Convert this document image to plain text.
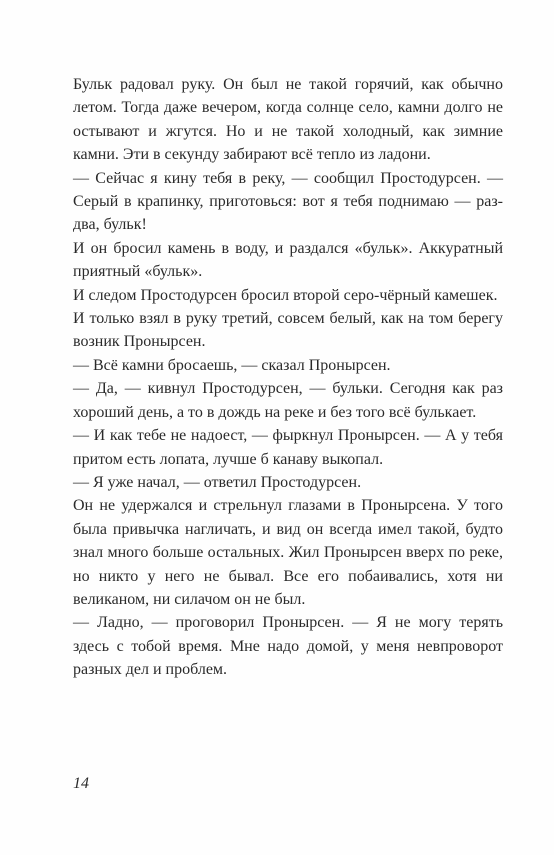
Бульк радовал руку. Он был не такой горячий, как обычно летом. Тогда даже вечером, когда солнце село, камни долго не остывают и жгутся. Но и не такой холодный, как зимние камни. Эти в секунду забирают всё тепло из ладони.

— Сейчас я кину тебя в реку, — сообщил Простодурсен. — Серый в крапинку, приготовься: вот я тебя поднимаю — раз-два, бульк!

И он бросил камень в воду, и раздался «бульк». Аккуратный приятный «бульк».

И следом Простодурсен бросил второй серо-чёрный камешек.

И только взял в руку третий, совсем белый, как на том берегу возник Пронырсен.

— Всё камни бросаешь, — сказал Пронырсен.

— Да, — кивнул Простодурсен, — бульки. Сегодня как раз хороший день, а то в дождь на реке и без того всё булькает.

— И как тебе не надоест, — фыркнул Пронырсен. — А у тебя притом есть лопата, лучше б канаву выкопал.

— Я уже начал, — ответил Простодурсен.

Он не удержался и стрельнул глазами в Пронырсена. У того была привычка нагличать, и вид он всегда имел такой, будто знал много больше остальных. Жил Пронырсен вверх по реке, но никто у него не бывал. Все его побаивались, хотя ни великаном, ни силачом он не был.

— Ладно, — проговорил Пронырсен. — Я не могу терять здесь с тобой время. Мне надо домой, у меня невпроворот разных дел и проблем.

14
